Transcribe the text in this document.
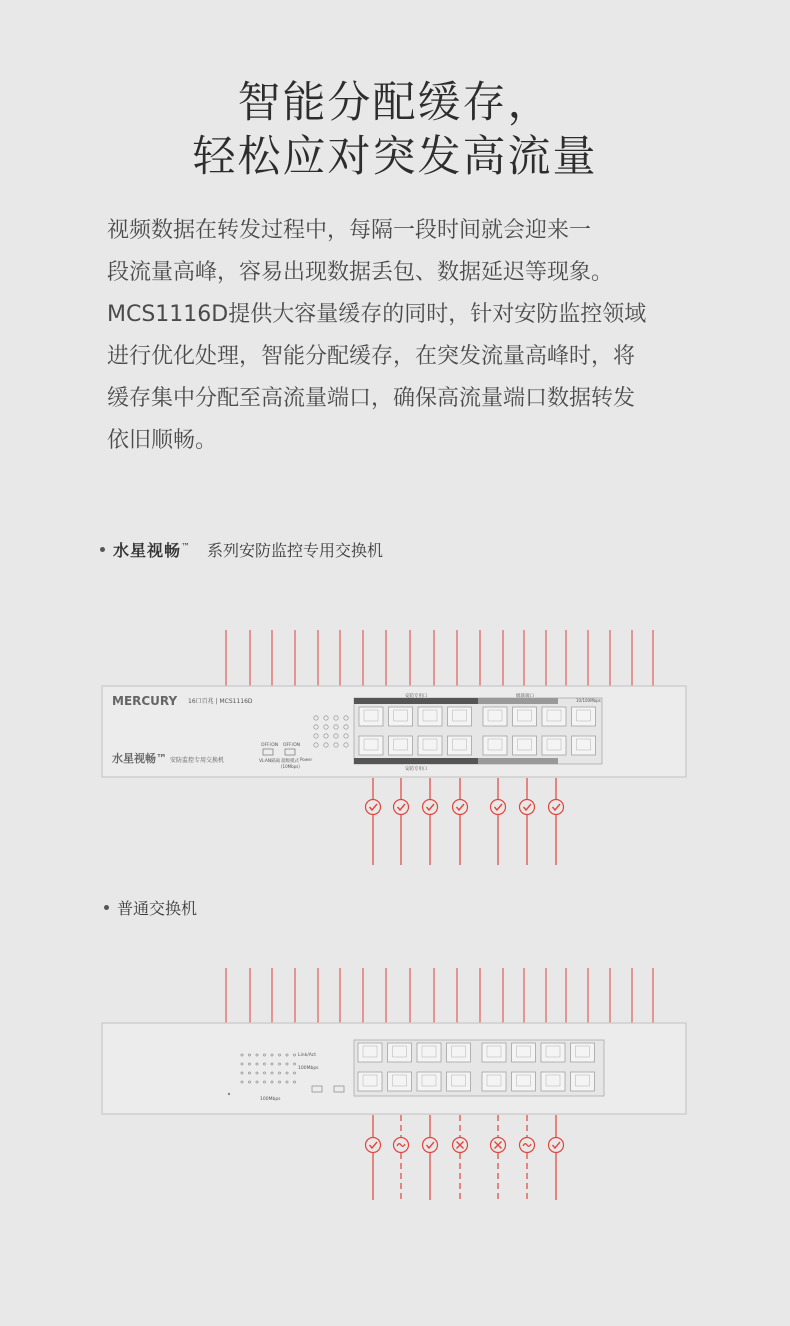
智能分配缓存，
轻松应对突发高流量
视频数据在转发过程中，每隔一段时间就会迎来一
段流量高峰，容易出现数据丢包、数据延迟等现象。
MCS1116D提供大容量缓存的同时，针对安防监控领域
进行优化处理，智能分配缓存，在突发流量高峰时，将
缓存集中分配至高流量端口，确保高流量端口数据转发
依旧顺畅。
水星视畅™ 系列安防监控专用交换机
MERCURY 16口百兆 | MCS1116D
水星视畅™ 安防监控专用交换机
OFF/ON
VLAN隔离
OFF/ON
超级模式
(10Mbps)
Power
安防专用口	级联端口
10/100Mbps
安防专用口
普通交换机
Link/Act
100Mbps
100Mbps
